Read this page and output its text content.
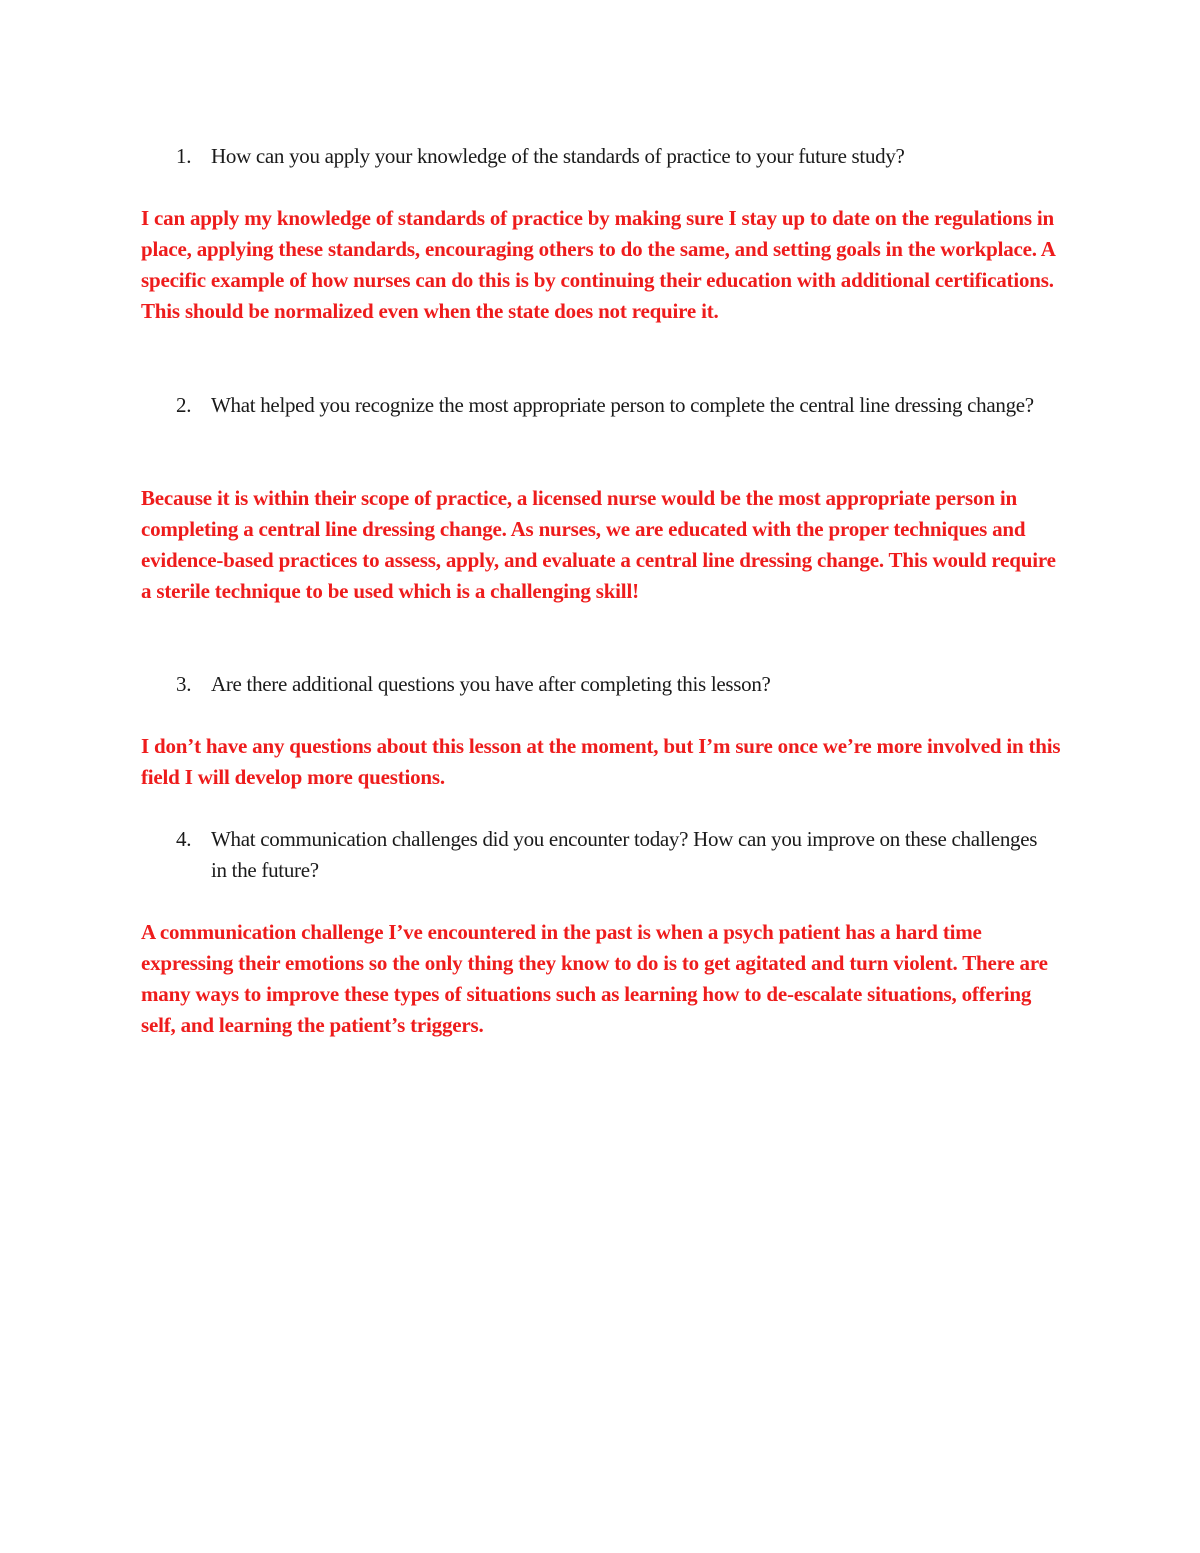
1. How can you apply your knowledge of the standards of practice to your future study?
I can apply my knowledge of standards of practice by making sure I stay up to date on the regulations in place, applying these standards, encouraging others to do the same, and setting goals in the workplace. A specific example of how nurses can do this is by continuing their education with additional certifications. This should be normalized even when the state does not require it.
2. What helped you recognize the most appropriate person to complete the central line dressing change?
Because it is within their scope of practice, a licensed nurse would be the most appropriate person in completing a central line dressing change. As nurses, we are educated with the proper techniques and evidence-based practices to assess, apply, and evaluate a central line dressing change. This would require a sterile technique to be used which is a challenging skill!
3. Are there additional questions you have after completing this lesson?
I don’t have any questions about this lesson at the moment, but I’m sure once we’re more involved in this field I will develop more questions.
4. What communication challenges did you encounter today? How can you improve on these challenges in the future?
A communication challenge I’ve encountered in the past is when a psych patient has a hard time expressing their emotions so the only thing they know to do is to get agitated and turn violent. There are many ways to improve these types of situations such as learning how to de-escalate situations, offering self, and learning the patient’s triggers.
